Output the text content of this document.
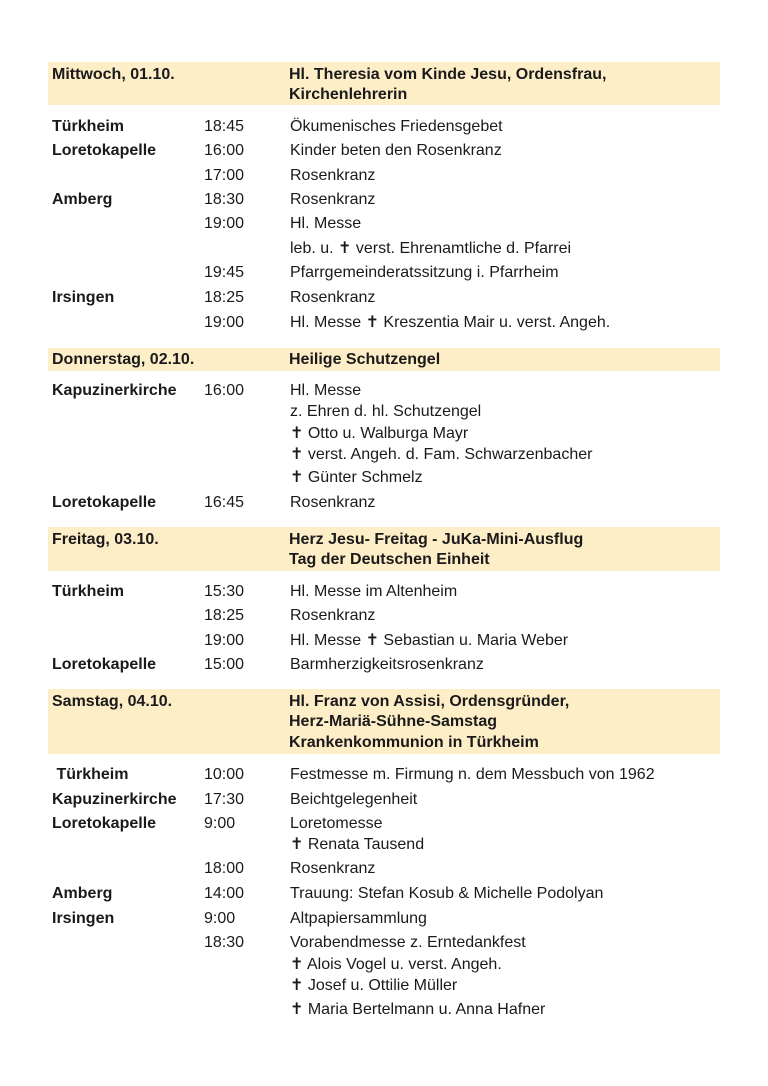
Mittwoch, 01.10.	Hl. Theresia vom Kinde Jesu, Ordensfrau,
Kirchenlehrerin
Türkheim	18:45	Ökumenisches Friedensgebet
Loretokapelle	16:00	Kinder beten den Rosenkranz
17:00	Rosenkranz
Amberg	18:30	Rosenkranz
19:00	Hl. Messe
leb. u. ✝ verst. Ehrenamtliche d. Pfarrei
19:45	Pfarrgemeinderatssitzung i. Pfarrheim
Irsingen	18:25	Rosenkranz
19:00	Hl. Messe ✝ Kreszentia Mair u. verst. Angeh.
Donnerstag, 02.10.	Heilige Schutzengel
Kapuzinerkirche 16:00	Hl. Messe
z. Ehren d. hl. Schutzengel
✝ Otto u. Walburga Mayr
✝ verst. Angeh. d. Fam. Schwarzenbacher
✝ Günter Schmelz
Loretokapelle	16:45	Rosenkranz
Freitag, 03.10.	Herz Jesu- Freitag - JuKa-Mini-Ausflug
Tag der Deutschen Einheit
Türkheim	15:30	Hl. Messe im Altenheim
18:25	Rosenkranz
19:00	Hl. Messe ✝ Sebastian u. Maria Weber
Loretokapelle	15:00	Barmherzigkeitsrosenkranz
Samstag, 04.10.	Hl. Franz von Assisi, Ordensgründer,
Herz-Mariä-Sühne-Samstag
Krankenkommunion in Türkheim
Türkheim	10:00	Festmesse m. Firmung n. dem Messbuch von 1962
Kapuzinerkirche 17:30	Beichtgelegenheit
Loretokapelle	9:00	Loretomesse
✝ Renata Tausend
18:00	Rosenkranz
Amberg	14:00	Trauung: Stefan Kosub & Michelle Podolyan
Irsingen	9:00	Altpapiersammlung
18:30	Vorabendmesse z. Erntedankfest
✝ Alois Vogel u. verst. Angeh.
✝ Josef u. Ottilie Müller
✝ Maria Bertelmann u. Anna Hafner
